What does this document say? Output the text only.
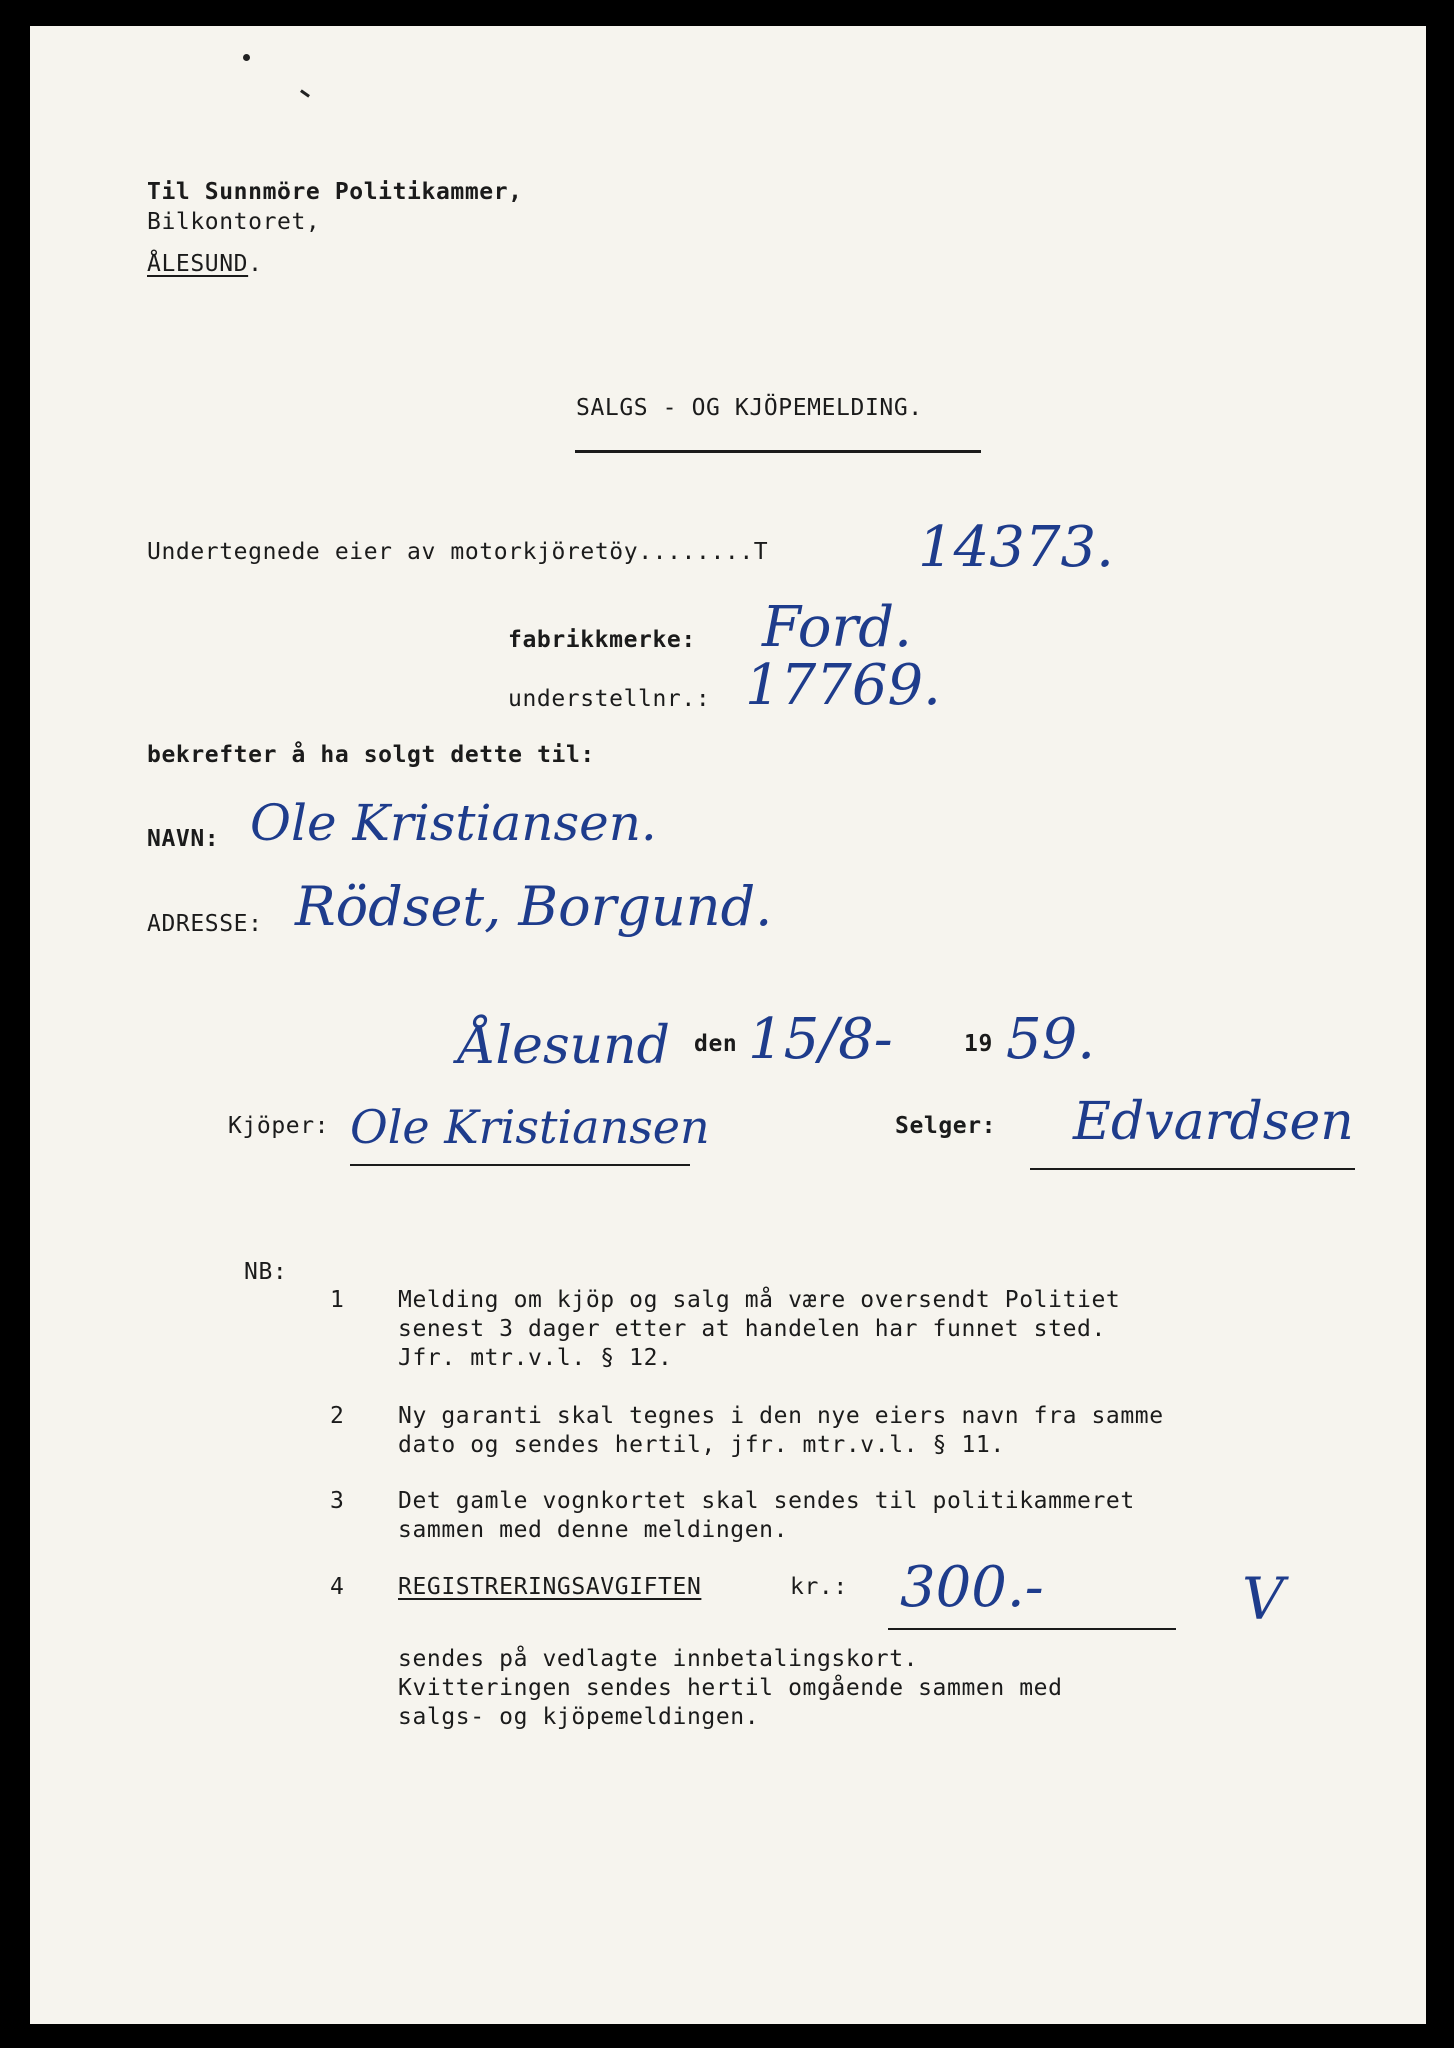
Til Sunnmöre Politikammer,
Bilkontoret,
ÅLESUND.
SALGS - OG KJÖPEMELDING.
Undertegnede eier av motorkjöretöy........T	14373.
fabrikkmerke: Ford.
understellnr.: 17769.
bekrefter å ha solgt dette til:
NAVN: Ole Kristiansen.
ADRESSE: Rödset, Borgund.
Ålesund den 15/8-	19 59.
Kjöper: Ole Kristiansen	Selger: Edvardsen
NB:
1 Melding om kjöp og salg må være oversendt Politiet
senest 3 dager etter at handelen har funnet sted.
Jfr. mtr.v.l. § 12.
2 Ny garanti skal tegnes i den nye eiers navn fra samme
dato og sendes hertil, jfr. mtr.v.l. § 11.
3 Det gamle vognkortet skal sendes til politikammeret
sammen med denne meldingen.
4 REGISTRERINGSAVGIFTEN	kr.: 300.-	V
sendes på vedlagte innbetalingskort.
Kvitteringen sendes hertil omgående sammen med
salgs- og kjöpemeldingen.
